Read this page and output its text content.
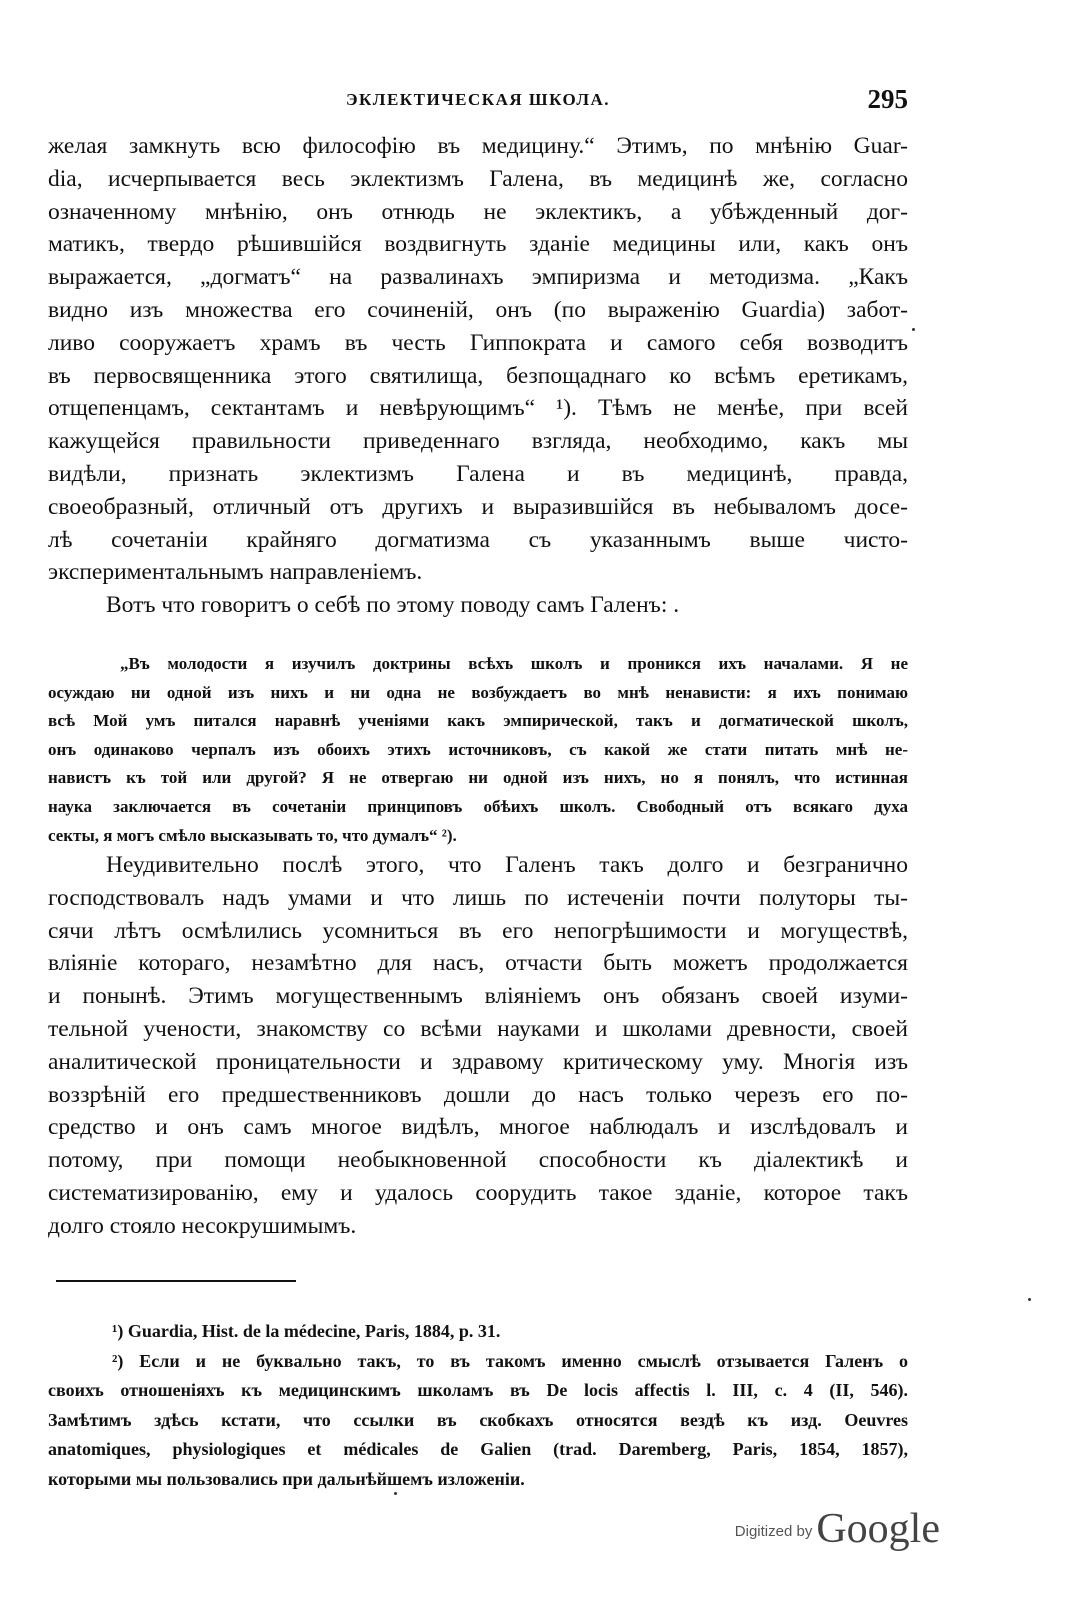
ЭКЛЕКТИЧЕСКАЯ ШКОЛА.	295
желая замкнуть всю философію въ медицину.“ Этимъ, по мнѣнію Guar-
dia, исчерпывается весь эклектизмъ Галена, въ медицинѣ же, согласно
означенному мнѣнію, онъ отнюдь не эклектикъ, а убѣжденный дог-
матикъ, твердо рѣшившійся воздвигнуть зданіе медицины или, какъ онъ
выражается, „догматъ“ на развалинахъ эмпиризма и методизма. „Какъ
видно изъ множества его сочиненій, онъ (по выраженію Guardia) забот-
ливо сооружаетъ храмъ въ честь Гиппократа и самого себя возводитъ
въ первосвященника этого святилища, безпощаднаго ко всѣмъ еретикамъ,
отщепенцамъ, сектантамъ и невѣрующимъ“ ¹). Тѣмъ не менѣе, при всей
кажущейся правильности приведеннаго взгляда, необходимо, какъ мы
видѣли, признать эклектизмъ Галена и въ медицинѣ, правда,
своеобразный, отличный отъ другихъ и выразившійся въ небываломъ досе-
лѣ сочетаніи крайняго догматизма съ указаннымъ выше чисто-
экспериментальнымъ направленіемъ.
Вотъ что говоритъ о себѣ по этому поводу самъ Галенъ: .
„Въ молодости я изучилъ доктрины всѣхъ школъ и проникся ихъ началами. Я не
осуждаю ни одной изъ нихъ и ни одна не возбуждаетъ во мнѣ ненависти: я ихъ понимаю
всѣ Мой умъ питался наравнѣ ученіями какъ эмпирической, такъ и догматической школъ,
онъ одинаково черпалъ изъ обоихъ этихъ источниковъ, съ какой же стати питать мнѣ не-
навистъ къ той или другой? Я не отвергаю ни одной изъ нихъ, но я понялъ, что истинная
наука заключается въ сочетаніи принциповъ обѣихъ школъ. Свободный отъ всякаго духа
секты, я могъ смѣло высказывать то, что думалъ“ ²).
Неудивительно послѣ этого, что Галенъ такъ долго и безгранично
господствовалъ надъ умами и что лишь по истеченіи почти полуторы ты-
сячи лѣтъ осмѣлились усомниться въ его непогрѣшимости и могуществѣ,
вліяніе котораго, незамѣтно для насъ, отчасти быть можетъ продолжается
и понынѣ. Этимъ могущественнымъ вліяніемъ онъ обязанъ своей изуми-
тельной учености, знакомству со всѣми науками и школами древности, своей
аналитической проницательности и здравому критическому уму. Многія изъ
воззрѣній его предшественниковъ дошли до насъ только черезъ его по-
средство и онъ самъ многое видѣлъ, многое наблюдалъ и изслѣдовалъ и
потому, при помощи необыкновенной способности къ діалектикѣ и
систематизированію, ему и удалось соорудить такое зданіе, которое такъ
долго стояло несокрушимымъ.
¹) Guardia, Hist. de la médecine, Paris, 1884, p. 31.
²) Если и не буквально такъ, то въ такомъ именно смыслѣ отзывается Галенъ о
своихъ отношеніяхъ къ медицинскимъ школамъ въ De locis affectis l. III, c. 4 (II, 546).
Замѣтимъ здѣсь кстати, что ссылки въ скобкахъ относятся вездѣ къ изд. Oeuvres
anatomiques, physiologiques et médicales de Galien (trad. Daremberg, Paris, 1854, 1857),
которыми мы пользовались при дальнѣйшемъ изложеніи.
Digitized by Google
